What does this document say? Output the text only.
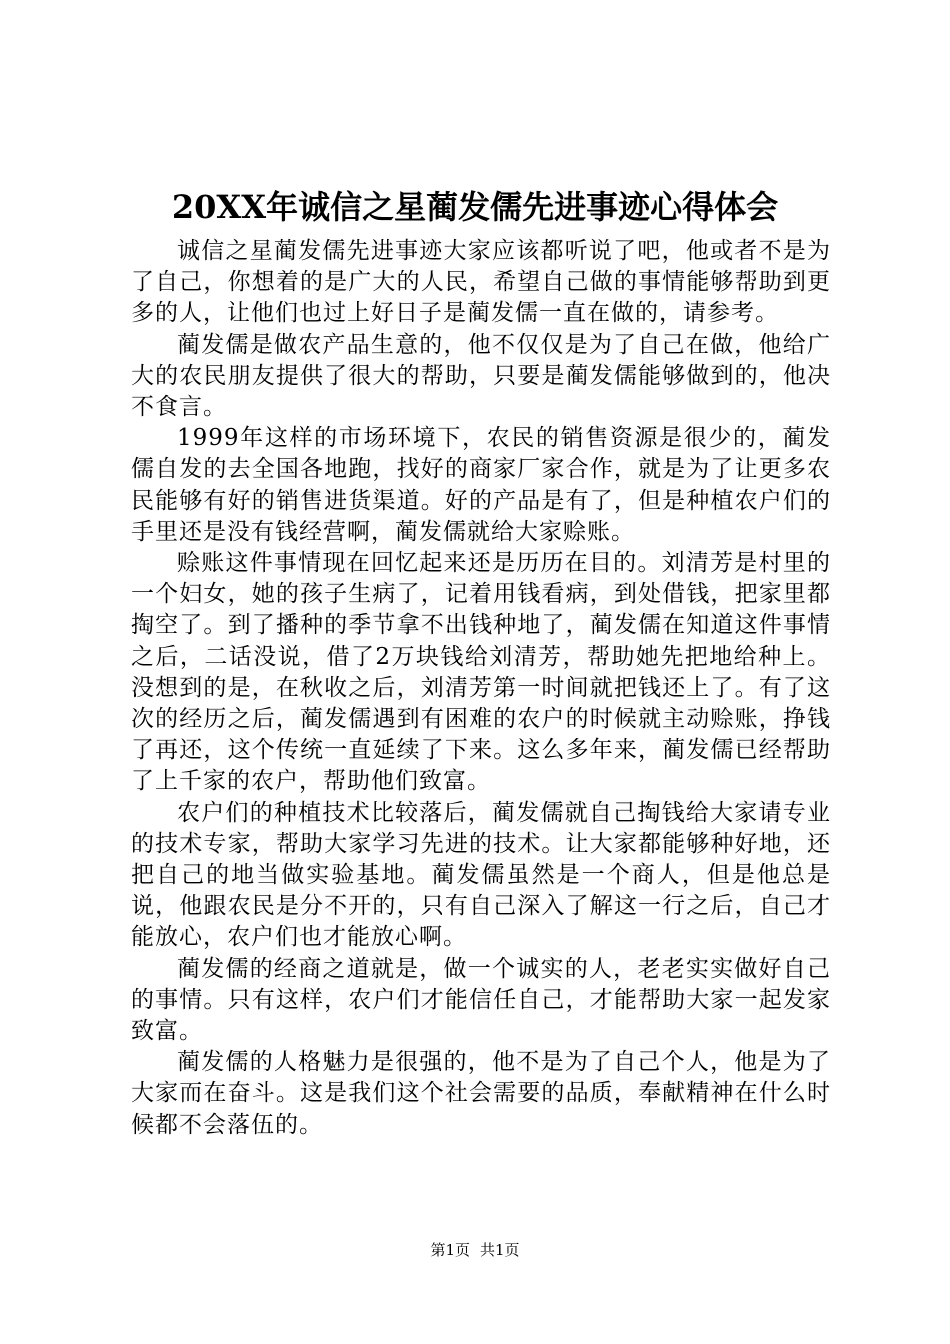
20XX年诚信之星蔺发儒先进事迹心得体会

诚信之星蔺发儒先进事迹大家应该都听说了吧，他或者不是为了自己，你想着的是广大的人民，希望自己做的事情能够帮助到更多的人，让他们也过上好日子是蔺发儒一直在做的，请参考。

蔺发儒是做农产品生意的，他不仅仅是为了自己在做，他给广大的农民朋友提供了很大的帮助，只要是蔺发儒能够做到的，他决不食言。

1999年这样的市场环境下，农民的销售资源是很少的，蔺发儒自发的去全国各地跑，找好的商家厂家合作，就是为了让更多农民能够有好的销售进货渠道。好的产品是有了，但是种植农户们的手里还是没有钱经营啊，蔺发儒就给大家赊账。

赊账这件事情现在回忆起来还是历历在目的。刘清芳是村里的一个妇女，她的孩子生病了，记着用钱看病，到处借钱，把家里都掏空了。到了播种的季节拿不出钱种地了，蔺发儒在知道这件事情之后，二话没说，借了2万块钱给刘清芳，帮助她先把地给种上。没想到的是，在秋收之后，刘清芳第一时间就把钱还上了。有了这次的经历之后，蔺发儒遇到有困难的农户的时候就主动赊账，挣钱了再还，这个传统一直延续了下来。这么多年来，蔺发儒已经帮助了上千家的农户，帮助他们致富。

农户们的种植技术比较落后，蔺发儒就自己掏钱给大家请专业的技术专家，帮助大家学习先进的技术。让大家都能够种好地，还把自己的地当做实验基地。蔺发儒虽然是一个商人，但是他总是说，他跟农民是分不开的，只有自己深入了解这一行之后，自己才能放心，农户们也才能放心啊。

蔺发儒的经商之道就是，做一个诚实的人，老老实实做好自己的事情。只有这样，农户们才能信任自己，才能帮助大家一起发家致富。

蔺发儒的人格魅力是很强的，他不是为了自己个人，他是为了大家而在奋斗。这是我们这个社会需要的品质，奉献精神在什么时候都不会落伍的。

第1页 共1页
